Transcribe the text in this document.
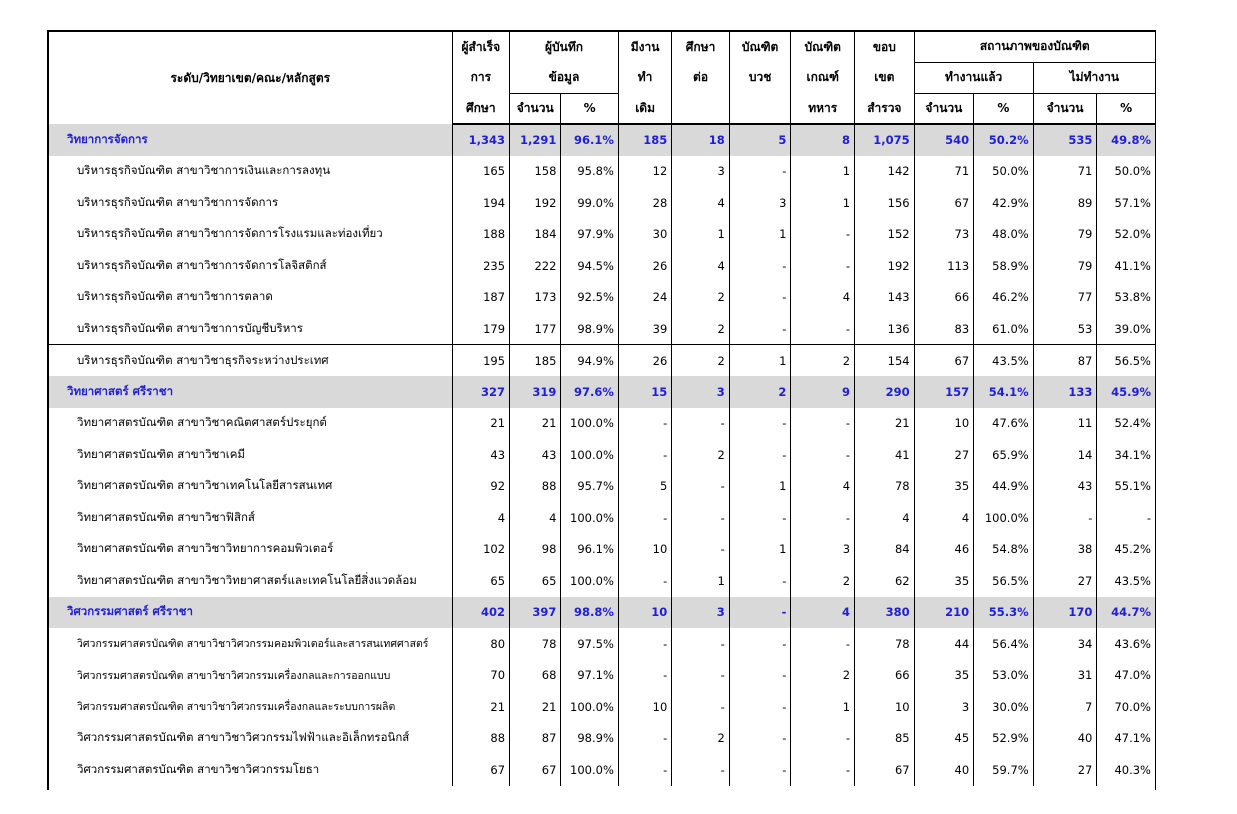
ระดับ/วิทยาเขต/คณะ/หลักสูตร	ผู้สำเร็จ	ผู้บันทึก		มีงาน	ศึกษา	บัณฑิต	บัณฑิต	ขอบ	สถานภาพของบัณฑิต			
	การ	ข้อมูล		ทำ	ต่อ	บวช	เกณฑ์	เขต	ทำงานแล้ว		ไม่ทำงาน	
	ศึกษา	จำนวน	%	เดิม			ทหาร	สำรวจ	จำนวน	%	จำนวน	%
วิทยาการจัดการ	1,343	1,291	96.1%	185	18	5	8	1,075	540	50.2%	535	49.8%
บริหารธุรกิจบัณฑิต สาขาวิชาการเงินและการลงทุน	165	158	95.8%	12	3	-	1	142	71	50.0%	71	50.0%
บริหารธุรกิจบัณฑิต สาขาวิชาการจัดการ	194	192	99.0%	28	4	3	1	156	67	42.9%	89	57.1%
บริหารธุรกิจบัณฑิต สาขาวิชาการจัดการโรงแรมและท่องเที่ยว	188	184	97.9%	30	1	1	-	152	73	48.0%	79	52.0%
บริหารธุรกิจบัณฑิต สาขาวิชาการจัดการโลจิสติกส์	235	222	94.5%	26	4	-	-	192	113	58.9%	79	41.1%
บริหารธุรกิจบัณฑิต สาขาวิชาการตลาด	187	173	92.5%	24	2	-	4	143	66	46.2%	77	53.8%
บริหารธุรกิจบัณฑิต สาขาวิชาการบัญชีบริหาร	179	177	98.9%	39	2	-	-	136	83	61.0%	53	39.0%
บริหารธุรกิจบัณฑิต สาขาวิชาธุรกิจระหว่างประเทศ	195	185	94.9%	26	2	1	2	154	67	43.5%	87	56.5%
วิทยาศาสตร์ ศรีราชา	327	319	97.6%	15	3	2	9	290	157	54.1%	133	45.9%
วิทยาศาสตรบัณฑิต สาขาวิชาคณิตศาสตร์ประยุกต์	21	21	100.0%	-	-	-	-	21	10	47.6%	11	52.4%
วิทยาศาสตรบัณฑิต สาขาวิชาเคมี	43	43	100.0%	-	2	-	-	41	27	65.9%	14	34.1%
วิทยาศาสตรบัณฑิต สาขาวิชาเทคโนโลยีสารสนเทศ	92	88	95.7%	5	-	1	4	78	35	44.9%	43	55.1%
วิทยาศาสตรบัณฑิต สาขาวิชาฟิสิกส์	4	4	100.0%	-	-	-	-	4	4	100.0%	-	-
วิทยาศาสตรบัณฑิต สาขาวิชาวิทยาการคอมพิวเตอร์	102	98	96.1%	10	-	1	3	84	46	54.8%	38	45.2%
วิทยาศาสตรบัณฑิต สาขาวิชาวิทยาศาสตร์และเทคโนโลยีสิ่งแวดล้อม	65	65	100.0%	-	1	-	2	62	35	56.5%	27	43.5%
วิศวกรรมศาสตร์ ศรีราชา	402	397	98.8%	10	3	-	4	380	210	55.3%	170	44.7%
วิศวกรรมศาสตรบัณฑิต สาขาวิชาวิศวกรรมคอมพิวเตอร์และสารสนเทศศาสตร์	80	78	97.5%	-	-	-	-	78	44	56.4%	34	43.6%
วิศวกรรมศาสตรบัณฑิต สาขาวิชาวิศวกรรมเครื่องกลและการออกแบบ	70	68	97.1%	-	-	-	2	66	35	53.0%	31	47.0%
วิศวกรรมศาสตรบัณฑิต สาขาวิชาวิศวกรรมเครื่องกลและระบบการผลิต	21	21	100.0%	10	-	-	1	10	3	30.0%	7	70.0%
วิศวกรรมศาสตรบัณฑิต สาขาวิชาวิศวกรรมไฟฟ้าและอิเล็กทรอนิกส์	88	87	98.9%	-	2	-	-	85	45	52.9%	40	47.1%
วิศวกรรมศาสตรบัณฑิต สาขาวิชาวิศวกรรมโยธา	67	67	100.0%	-	-	-	-	67	40	59.7%	27	40.3%
